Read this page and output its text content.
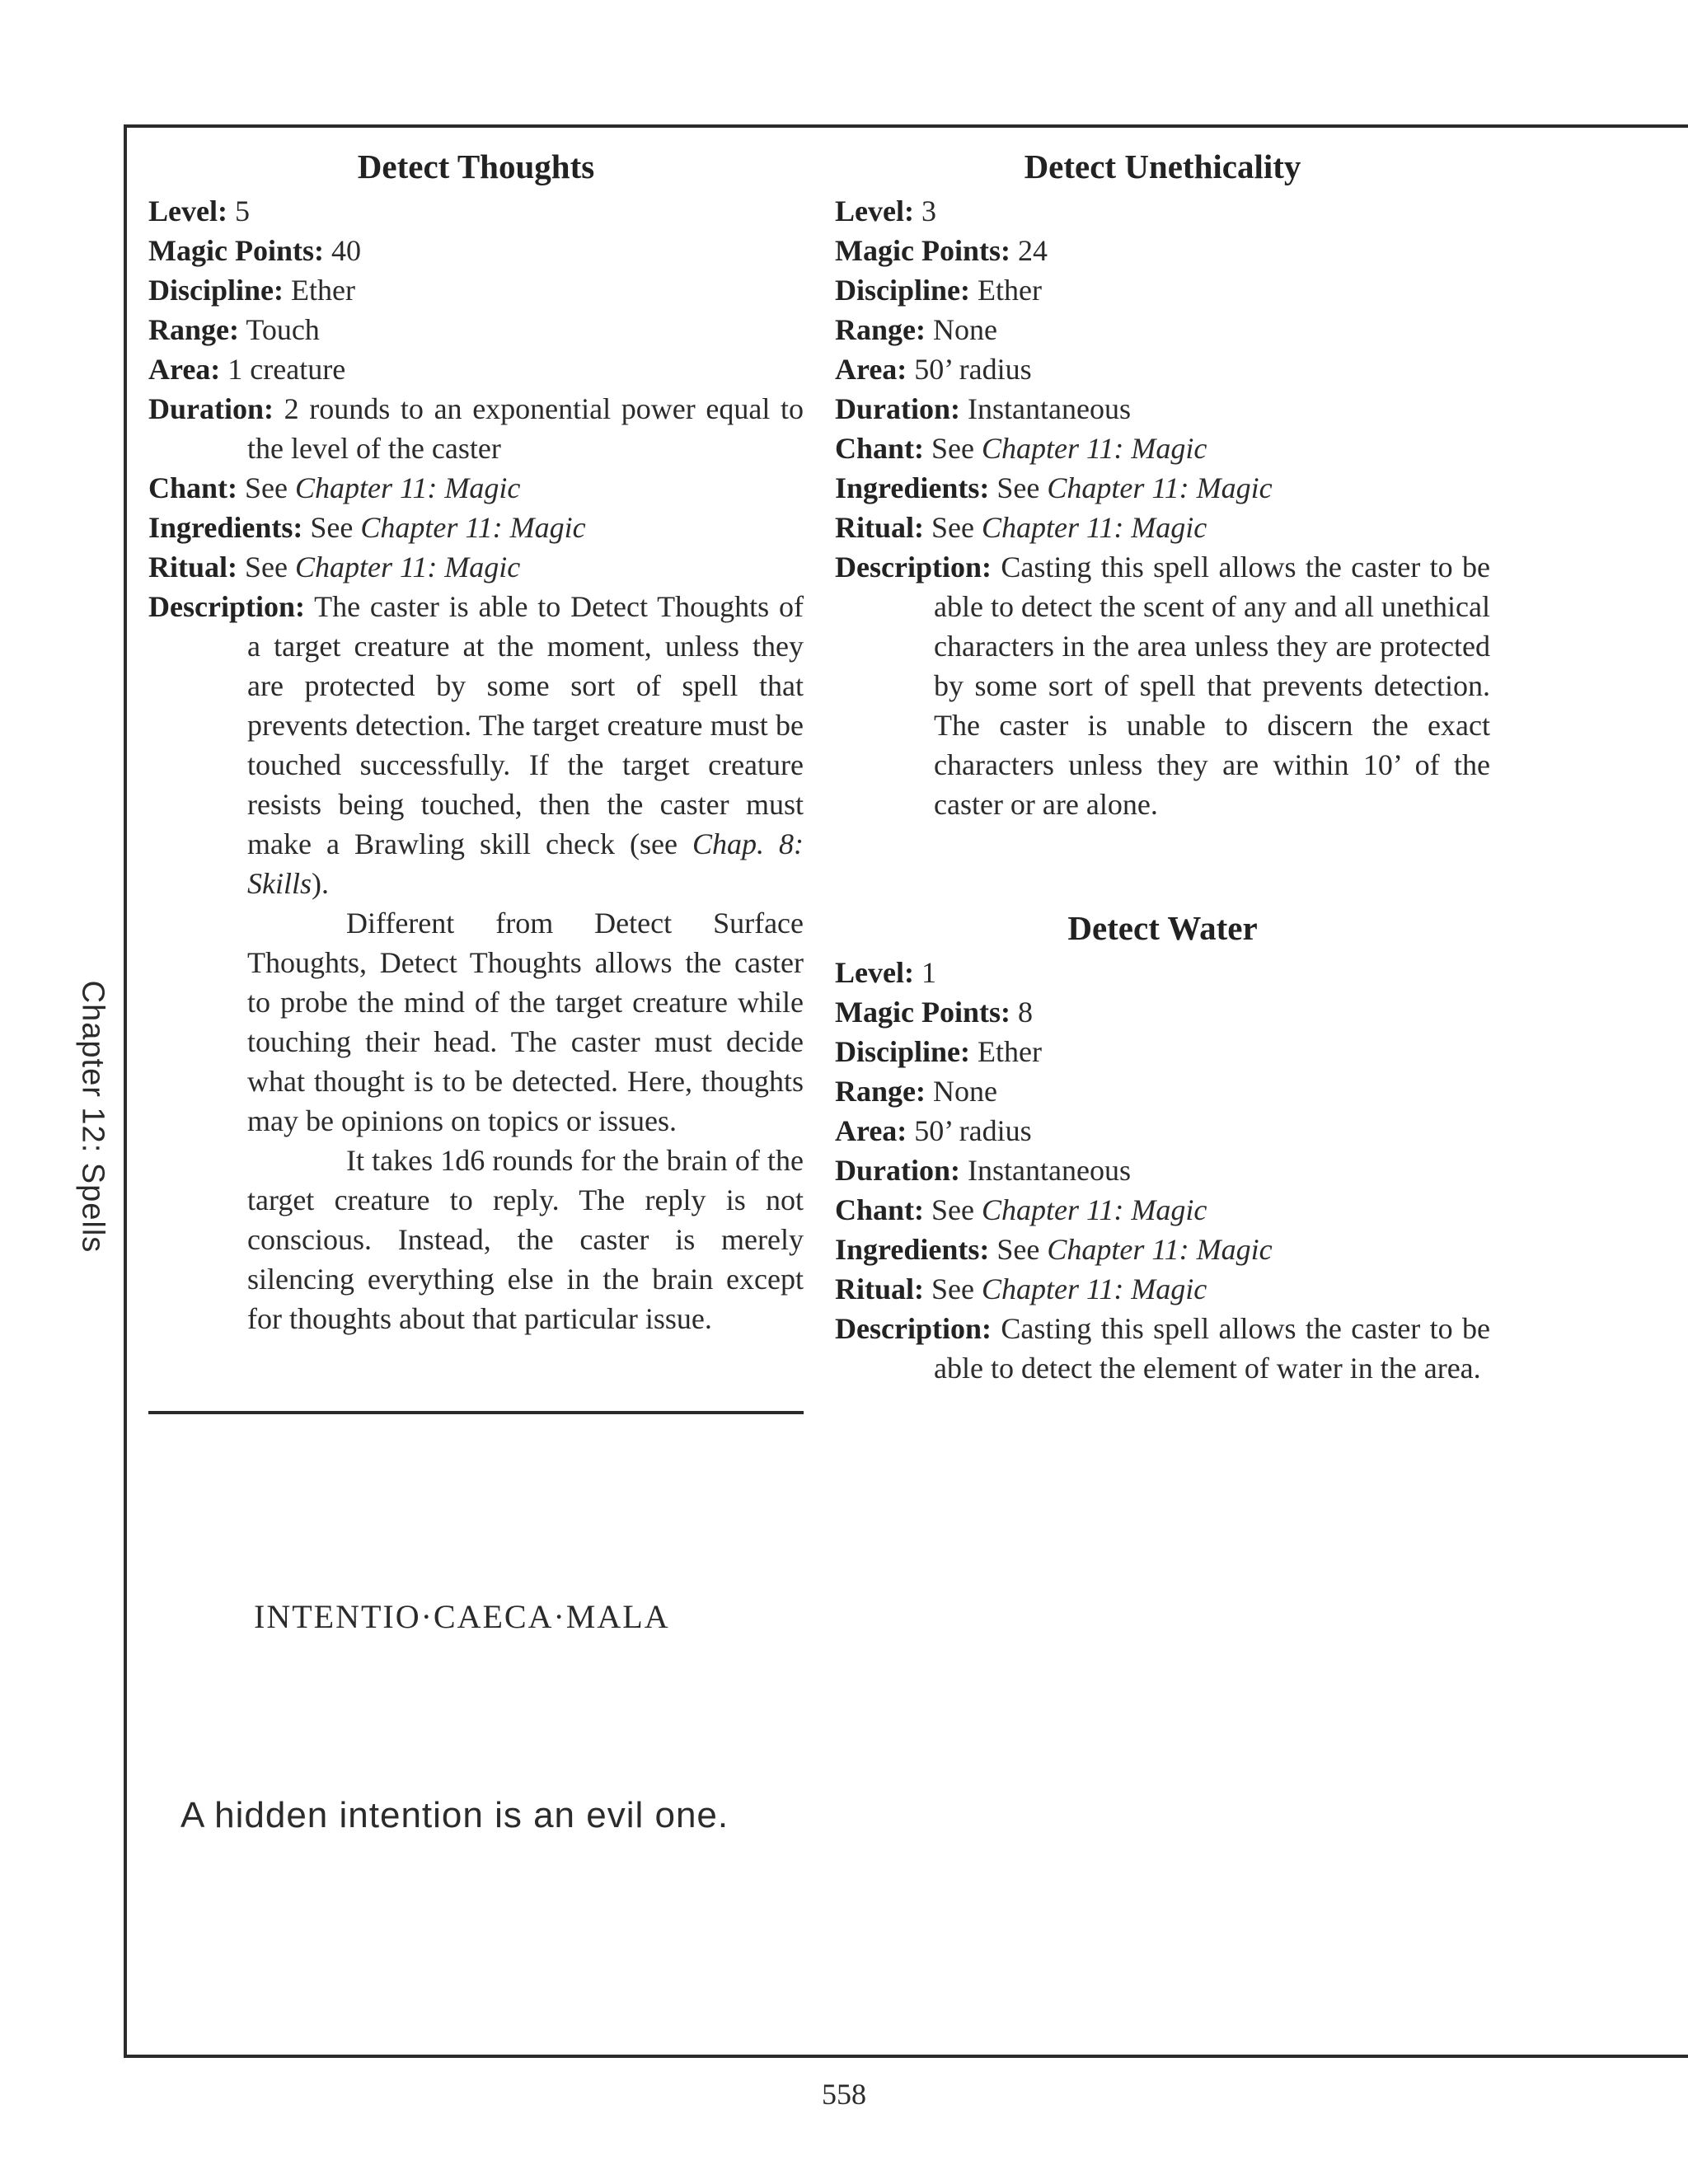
Chapter 12: Spells
Detect Thoughts

Level: 5

Magic Points: 40

Discipline: Ether

Range: Touch

Area: 1 creature

Duration: 2 rounds to an exponential power equal to the level of the caster

Chant: See Chapter 11: Magic

Ingredients: See Chapter 11: Magic

Ritual: See Chapter 11: Magic

Description: The caster is able to Detect Thoughts of a target creature at the moment, unless they are protected by some sort of spell that prevents detection. The target creature must be touched successfully. If the target creature resists being touched, then the caster must make a Brawling skill check (see Chap. 8: Skills).

Different from Detect Surface Thoughts, Detect Thoughts allows the caster to probe the mind of the target creature while touching their head. The caster must decide what thought is to be detected. Here, thoughts may be opinions on topics or issues.

It takes 1d6 rounds for the brain of the target creature to reply. The reply is not conscious. Instead, the caster is merely silencing everything else in the brain except for thoughts about that particular issue.

Detect Unethicality

Level: 3

Magic Points: 24

Discipline: Ether

Range: None

Area: 50’ radius

Duration: Instantaneous

Chant: See Chapter 11: Magic

Ingredients: See Chapter 11: Magic

Ritual: See Chapter 11: Magic

Description: Casting this spell allows the caster to be able to detect the scent of any and all unethical characters in the area unless they are protected by some sort of spell that prevents detection. The caster is unable to discern the exact characters unless they are within 10’ of the caster or are alone.

Detect Water

Level: 1

Magic Points: 8

Discipline: Ether

Range: None

Area: 50’ radius

Duration: Instantaneous

Chant: See Chapter 11: Magic

Ingredients: See Chapter 11: Magic

Ritual: See Chapter 11: Magic

Description: Casting this spell allows the caster to be able to detect the element of water in the area.

INTENTIO·CAECA·MALA
A hidden intention is an evil one.
558
